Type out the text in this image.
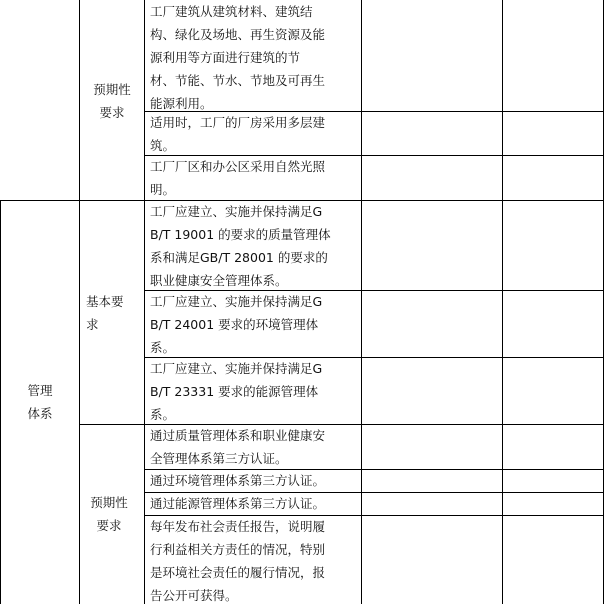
管理
体系
预期性
要求
基本要
求
预期性
要求
工厂建筑从建筑材料、建筑结
构、绿化及场地、再生资源及能
源利用等方面进行建筑的节
材、节能、节水、节地及可再生
能源利用。
适用时，工厂的厂房采用多层建
筑。
工厂厂区和办公区采用自然光照
明。
工厂应建立、实施并保持满足G
B/T 19001 的要求的质量管理体
系和满足GB/T 28001 的要求的
职业健康安全管理体系。
工厂应建立、实施并保持满足G
B/T 24001 要求的环境管理体
系。
工厂应建立、实施并保持满足G
B/T 23331 要求的能源管理体
系。
通过质量管理体系和职业健康安
全管理体系第三方认证。
通过环境管理体系第三方认证。
通过能源管理体系第三方认证。
每年发布社会责任报告，说明履
行利益相关方责任的情况，特别
是环境社会责任的履行情况，报
告公开可获得。
